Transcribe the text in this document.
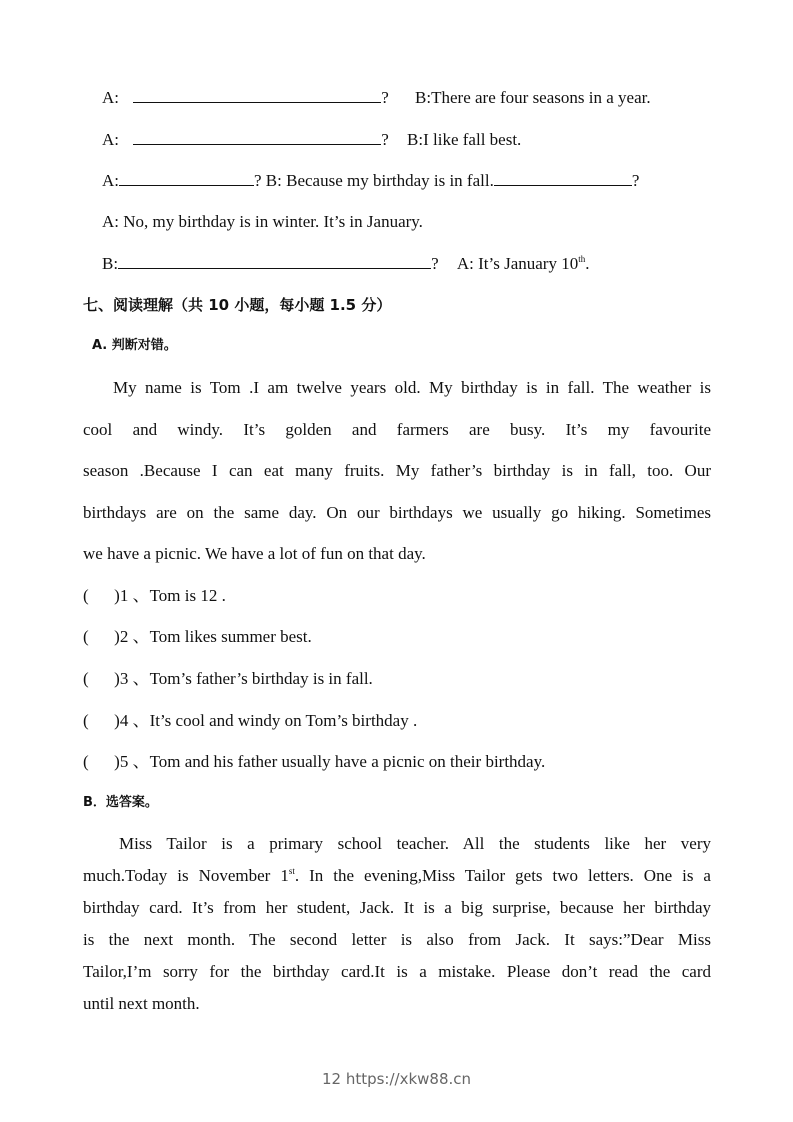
A:	? B:There are four seasons in a year.
A:	? B:I like fall best.
A:	? B: Because my birthday is in fall.	?
A: No, my birthday is in winter. It’s in January.
B:	? A: It’s January 10th.
七、阅读理解（共 10 小题，每小题 1.5 分）
A. 判断对错。
My name is Tom .I am twelve years old. My birthday is in fall. The weather is
cool and windy. It’s golden and farmers are busy. It’s my favourite
season .Because I can eat many fruits. My father’s birthday is in fall, too. Our
birthdays are on the same day. On our birthdays we usually go hiking. Sometimes
we have a picnic. We have a lot of fun on that day.
(      )1 、Tom is 12 .
(      )2 、Tom likes summer best.
(      )3 、Tom’s father’s birthday is in fall.
(      )4 、It’s cool and windy on Tom’s birthday .
(      )5 、Tom and his father usually have a picnic on their birthday.
B．选答案。
Miss Tailor is a primary school teacher. All the students like her very
much.Today is November 1st. In the evening,Miss Tailor gets two letters. One is a
birthday card. It’s from her student, Jack. It is a big surprise, because her birthday
is the next month. The second letter is also from Jack. It says:”Dear Miss
Tailor,I’m sorry for the birthday card.It is a mistake. Please don’t read the card
until next month.
12 https://xkw88.cn
